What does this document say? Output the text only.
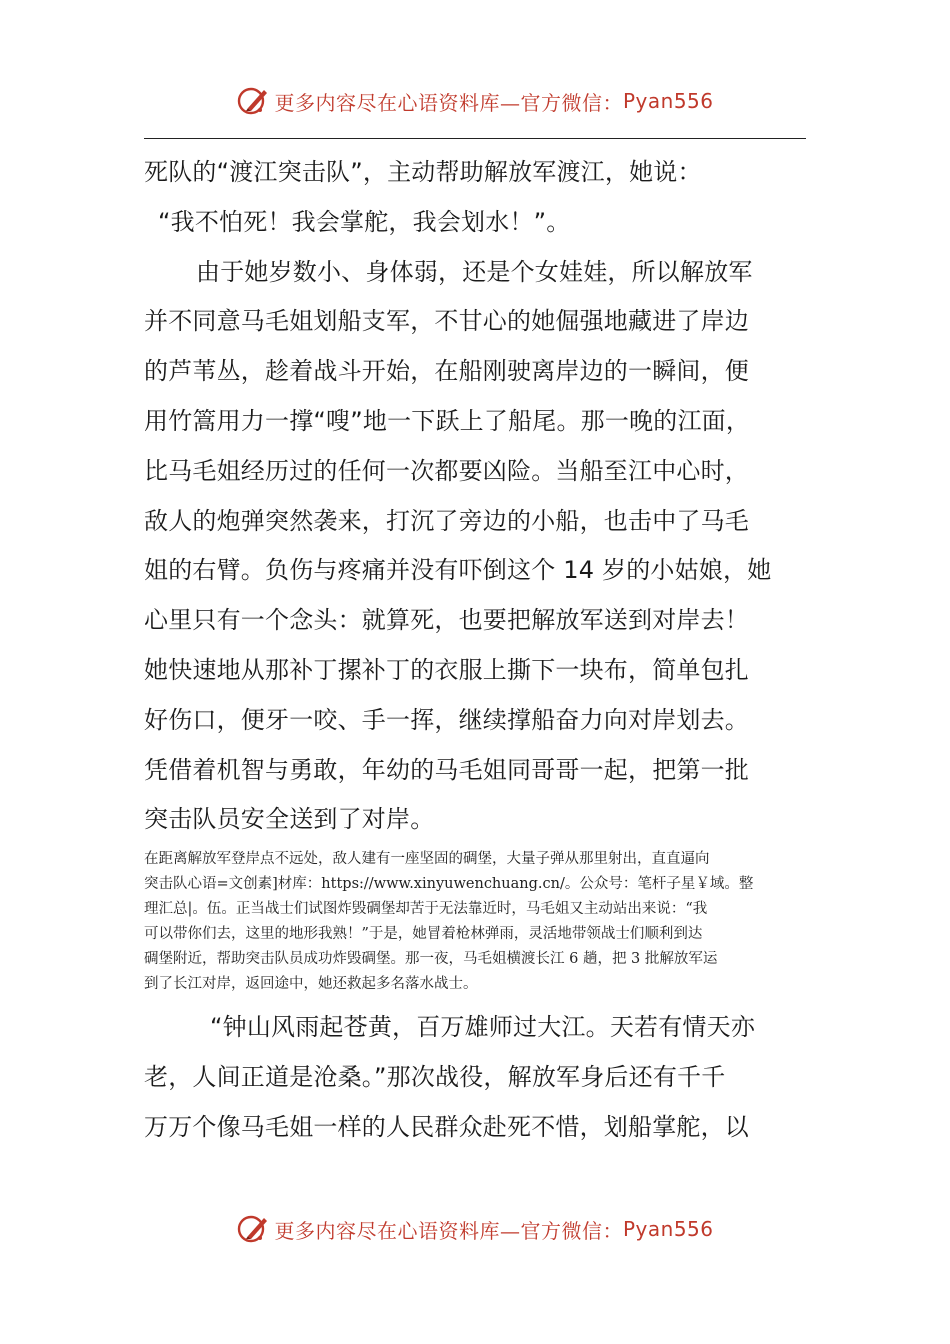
更多内容尽在心语资料库—官方微信： Pyan556

死队的“渡江突击队”，主动帮助解放军渡江，她说：

“我不怕死！我会掌舵，我会划水！”。

由于她岁数小、身体弱，还是个女娃娃，所以解放军

并不同意马毛姐划船支军，不甘心的她倔强地藏进了岸边

的芦苇丛，趁着战斗开始，在船刚驶离岸边的一瞬间，便

用竹篙用力一撑“嗖”地一下跃上了船尾。那一晚的江面，

比马毛姐经历过的任何一次都要凶险。当船至江中心时，

敌人的炮弹突然袭来，打沉了旁边的小船，也击中了马毛

姐的右臂。负伤与疼痛并没有吓倒这个 14 岁的小姑娘，她

心里只有一个念头：就算死，也要把解放军送到对岸去！

她快速地从那补丁摞补丁的衣服上撕下一块布，简单包扎

好伤口，便牙一咬、手一挥，继续撑船奋力向对岸划去。

凭借着机智与勇敢，年幼的马毛姐同哥哥一起，把第一批

突击队员安全送到了对岸。

在距离解放军登岸点不远处，敌人建有一座坚固的碉堡，大量子弹从那里射出，直直逼向

突击队心语=文创素]材库：https://www.xinyuwenchuang.cn/。公众号：笔杆子星￥域。整

理汇总|。伍。正当战士们试图炸毁碉堡却苦于无法靠近时，马毛姐又主动站出来说：“我

可以带你们去，这里的地形我熟！”于是，她冒着枪林弹雨，灵活地带领战士们顺利到达

碉堡附近，帮助突击队员成功炸毁碉堡。那一夜，马毛姐横渡长江 6 趟，把 3 批解放军运

到了长江对岸，返回途中，她还救起多名落水战士。

“钟山风雨起苍黄，百万雄师过大江。天若有情天亦

老，人间正道是沧桑。”那次战役，解放军身后还有千千

万万个像马毛姐一样的人民群众赴死不惜，划船掌舵，以

更多内容尽在心语资料库—官方微信： Pyan556
